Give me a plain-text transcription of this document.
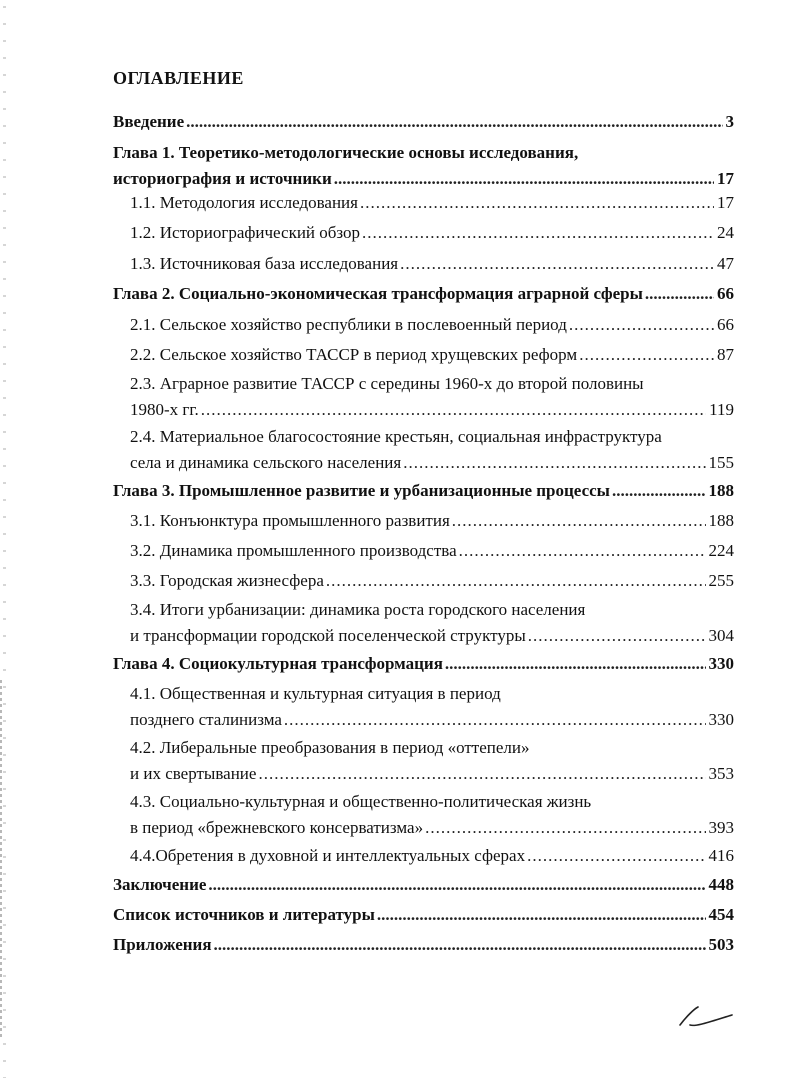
ОГЛАВЛЕНИЕ
Введение .....	3
Глава 1. Теоретико-методологические основы исследования,
историография и источники .....	17
1.1. Методология исследования .....	17
1.2. Историографический обзор .....	24
1.3. Источниковая база исследования .....	47
Глава 2. Социально-экономическая трансформация аграрной сферы .....	66
2.1. Сельское хозяйство республики в послевоенный период .....	66
2.2. Сельское хозяйство ТАССР в период хрущевских реформ .....	87
2.3. Аграрное развитие ТАССР с середины 1960-х до второй половины
1980-х гг. .....	119
2.4. Материальное благосостояние крестьян, социальная инфраструктура
села и динамика сельского населения .....	155
Глава 3. Промышленное развитие и урбанизационные процессы .....	188
3.1. Конъюнктура промышленного развития .....	188
3.2. Динамика промышленного производства .....	224
3.3. Городская жизнесфера .....	255
3.4. Итоги урбанизации: динамика роста городского населения
и трансформации городской поселенческой структуры .....	304
Глава 4. Социокультурная трансформация .....	330
4.1. Общественная и культурная ситуация в период
позднего сталинизма .....	330
4.2. Либеральные преобразования в период «оттепели»
и их свертывание .....	353
4.3. Социально-культурная и общественно-политическая жизнь
в период «брежневского консерватизма» .....	393
4.4.Обретения в духовной и интеллектуальных сферах .....	416
Заключение .....	448
Список источников и литературы .....	454
Приложения .....	503
